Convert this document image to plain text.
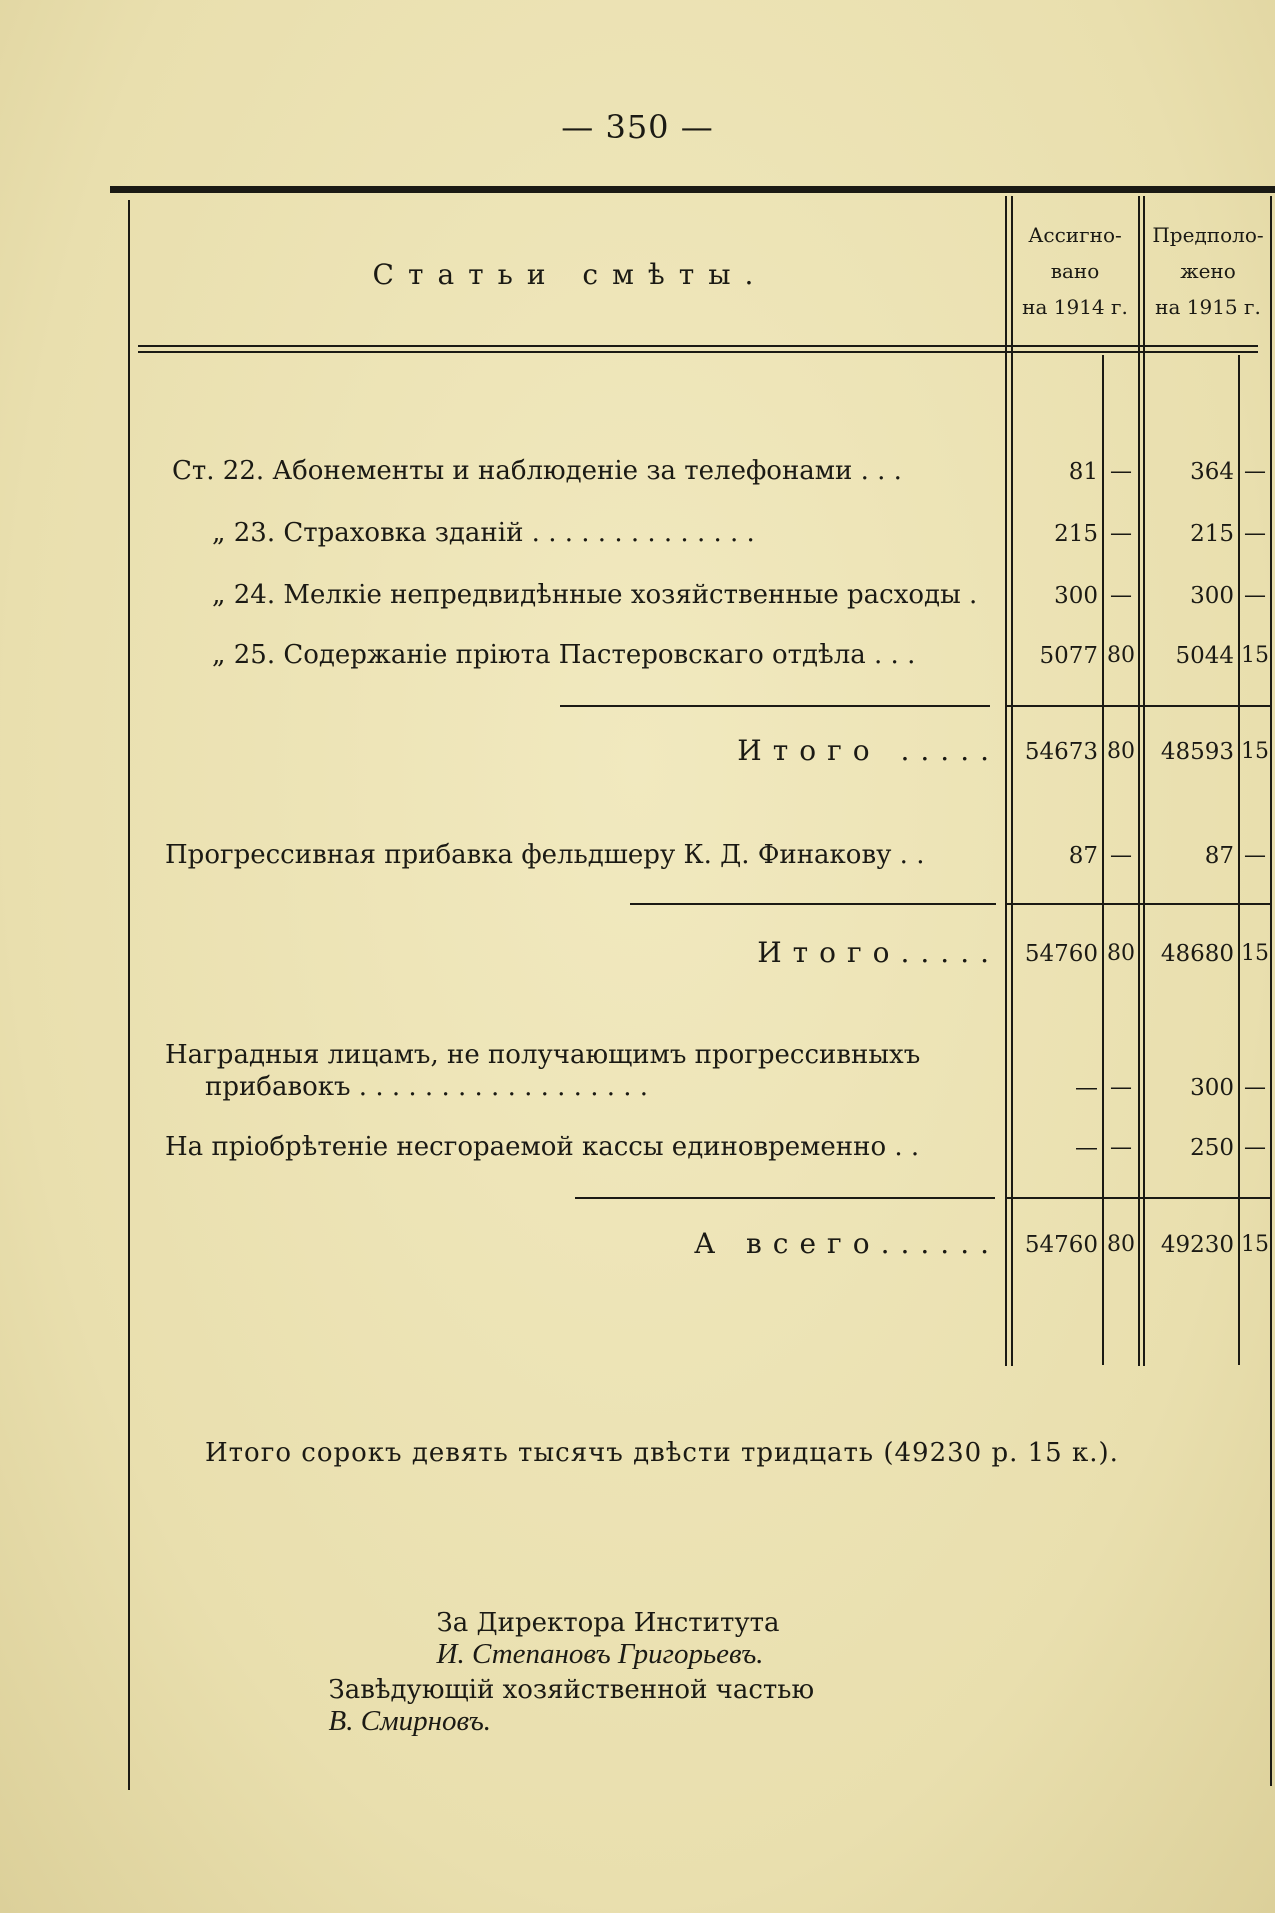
— 350 —
Статьи смѣты.
Ассигно-
вано
на 1914 г.
Предполо-
жено
на 1915 г.
Ст. 22. Абонементы и наблюденіе за телефонами . . .	81 —	364 —
„ 23. Страховка зданій . . . . . . . . . . . . . .	215 —	215 —
„ 24. Мелкіе непредвидѣнные хозяйственные расходы .	300 —	300 —
„ 25. Содержаніе пріюта Пастеровскаго отдѣла . . .	5077 80	5044 15
Итого .....	54673 80	48593 15
Прогрессивная прибавка фельдшеру К. Д. Финакову . .	87 —	87 —
Итого.....	54760 80	48680 15
Наградныя лицамъ, не получающимъ прогрессивныхъ
прибавокъ . . . . . . . . . . . . . . . . . .	— —	300 —
На пріобрѣтеніе несгораемой кассы единовременно . .	— —	250 —
А всего......	54760 80	49230 15
Итого сорокъ девять тысячъ двѣсти тридцать (49230 р. 15 к.).

За Директора Института
И. Степановъ Григорьевъ.

Завѣдующій хозяйственной частью
В. Смирновъ.
